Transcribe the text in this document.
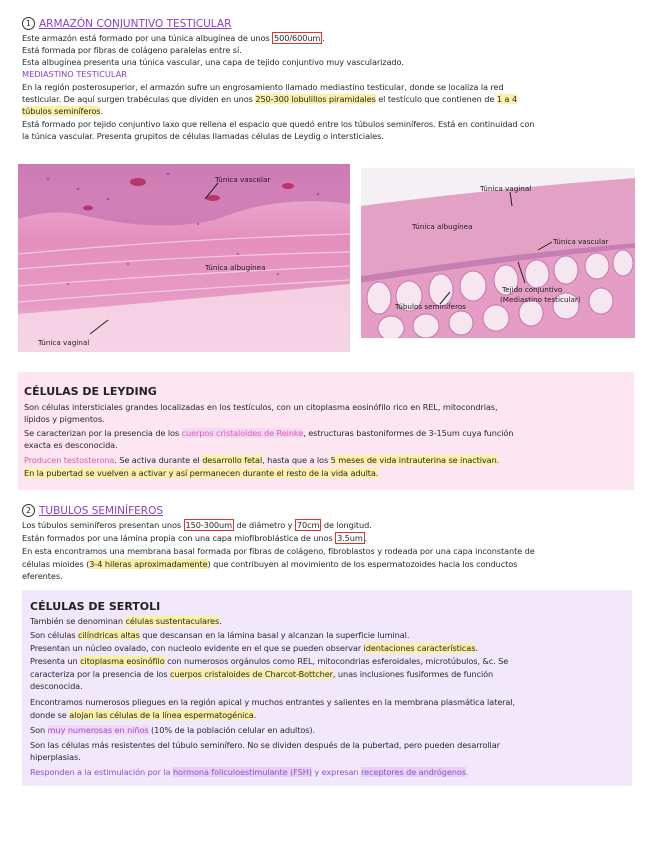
1 ARMAZÓN CONJUNTIVO TESTICULAR
Este armazón está formado por una túnica albugínea de unos 500/600um .
Está formada por fibras de colágeno paralelas entre sí.
Esta albugínea presenta una túnica vascular, una capa de tejido conjuntivo muy vascularizado.
MEDIASTINO TESTICULAR
En la región posterosuperior, el armazón sufre un engrosamiento llamado mediastino testicular, donde se localiza la red
testicular. De aquí surgen trabéculas que dividen en unos 250-300 lobulillos piramidales el testículo que contienen de 1 a 4
túbulos seminíferos.
Está formado por tejido conjuntivo laxo que rellena el espacio que quedó entre los túbulos seminíferos. Está en continuidad con
la túnica vascular. Presenta grupitos de células llamadas células de Leydig o intersticiales.
Túnica vascular
Túnica albugínea
Túnica vaginal
Túnica vaginal
Túnica albugínea
Túnica vascular
Tejido conjuntivo
(Mediastino testicular)
Túbulos seminíferos
CÉLULAS DE LEYDING
Son células intersticiales grandes localizadas en los testículos, con un citoplasma eosinófilo rico en REL, mitocondrias,
lípidos y pigmentos.
Se caracterizan por la presencia de los cuerpos cristaloides de Reinke, estructuras bastoniformes de 3-15um cuya función
exacta es desconocida.
Producen testosterona. Se activa durante el desarrollo fetal, hasta que a los 5 meses de vida intrauterina se inactivan.
En la pubertad se vuelven a activar y así permanecen durante el resto de la vida adulta.
2 TUBULOS SEMINÍFEROS
Los túbulos seminíferos presentan unos 150-300um de diámetro y 70cm de longitud.
Están formados por una lámina propia con una capa mioflbroblástica de unos 3.5um .
En esta encontramos una membrana basal formada por fibras de colágeno, fibroblastos y rodeada por una capa inconstante de
células mioides (3-4 hileras aproximadamente) que contribuyen al movimiento de los espermatozoides hacia los conductos
eferentes.
CÉLULAS DE SERTOLI
También se denominan células sustentaculares.
Son células cilíndricas altas que descansan en la lámina basal y alcanzan la superficie luminal.
Presentan un núcleo ovalado, con nucleolo evidente en el que se pueden observar identaciones características.
Presenta un citoplasma eosinófilo con numerosos orgánulos como REL, mitocondrias esferoidales, microtúbulos, &c. Se
caracteriza por la presencia de los cuerpos cristaloides de Charcot-Bottcher, unas inclusiones fusiformes de función
desconocida.
Encontramos numerosos pliegues en la región apical y muchos entrantes y salientes en la membrana plasmática lateral,
donde se alojan las células de la línea espermatogénica.
Son muy numerosas en niños (10% de la población celular en adultos).
Son las células más resistentes del túbulo seminífero. No se dividen después de la pubertad, pero pueden desarrollar
hiperplasias.
Responden a la estimulación por la hormona foliculoestimulante (FSH) y expresan receptores de andrógenos.
